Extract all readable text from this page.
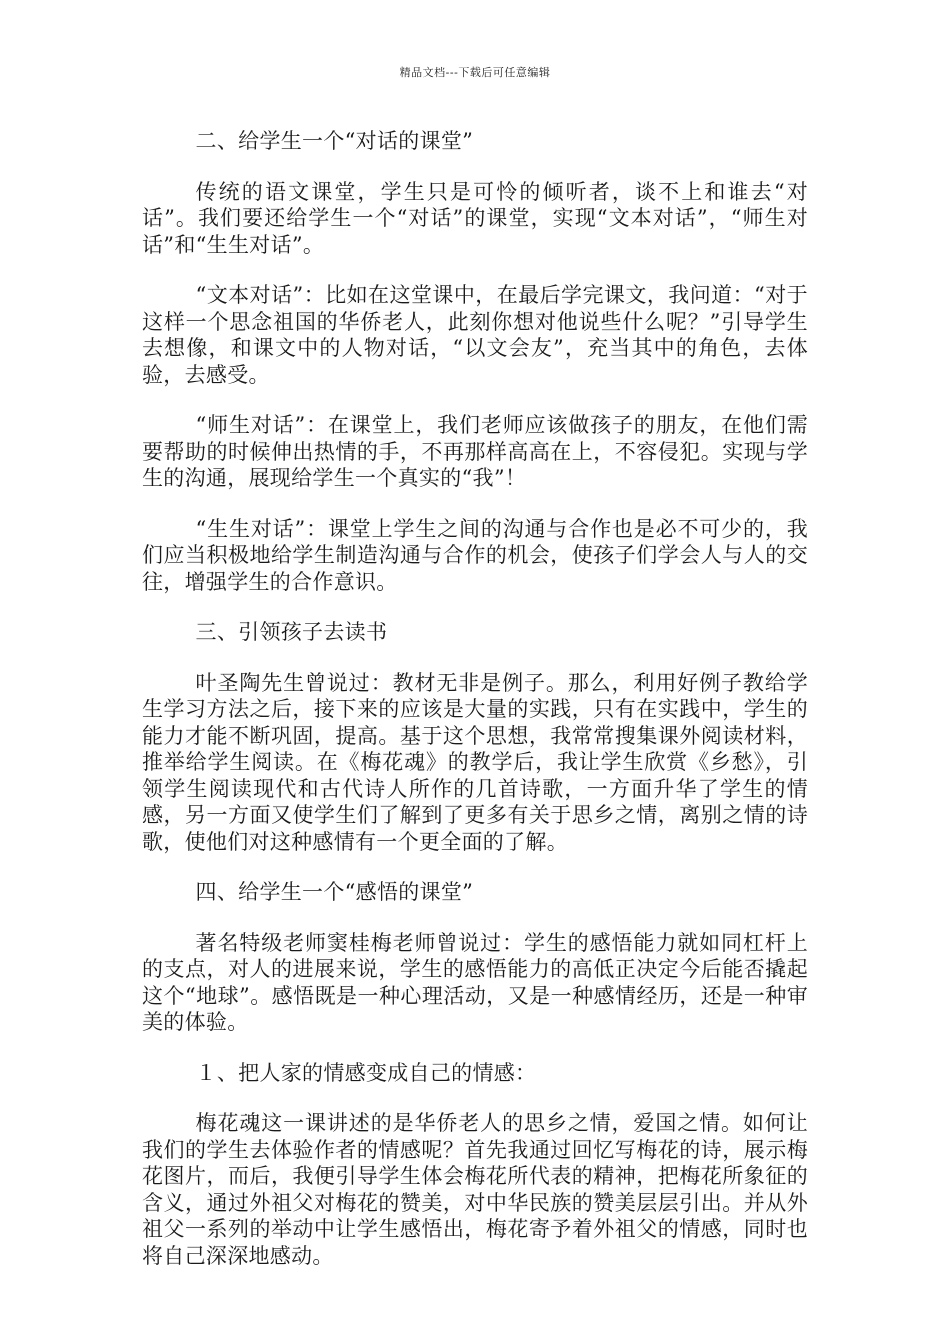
精品文档---下载后可任意编辑

二、给学生一个“对话的课堂”

传统的语文课堂，学生只是可怜的倾听者，谈不上和谁去“对话”。我们要还给学生一个“对话”的课堂，实现“文本对话”，“师生对话”和“生生对话”。

“文本对话”：比如在这堂课中，在最后学完课文，我问道：“对于这样一个思念祖国的华侨老人，此刻你想对他说些什么呢？”引导学生去想像，和课文中的人物对话，“以文会友”，充当其中的角色，去体验，去感受。

“师生对话”：在课堂上，我们老师应该做孩子的朋友，在他们需要帮助的时候伸出热情的手，不再那样高高在上，不容侵犯。实现与学生的沟通，展现给学生一个真实的“我”！

“生生对话”：课堂上学生之间的沟通与合作也是必不可少的，我们应当积极地给学生制造沟通与合作的机会，使孩子们学会人与人的交往，增强学生的合作意识。

三、引领孩子去读书

叶圣陶先生曾说过：教材无非是例子。那么，利用好例子教给学生学习方法之后，接下来的应该是大量的实践，只有在实践中，学生的能力才能不断巩固，提高。基于这个思想，我常常搜集课外阅读材料，推举给学生阅读。在《梅花魂》的教学后，我让学生欣赏《乡愁》，引领学生阅读现代和古代诗人所作的几首诗歌，一方面升华了学生的情感，另一方面又使学生们了解到了更多有关于思乡之情，离别之情的诗歌，使他们对这种感情有一个更全面的了解。

四、给学生一个“感悟的课堂”

著名特级老师窦桂梅老师曾说过：学生的感悟能力就如同杠杆上的支点，对人的进展来说，学生的感悟能力的高低正决定今后能否撬起这个“地球”。感悟既是一种心理活动，又是一种感情经历，还是一种审美的体验。

１、把人家的情感变成自己的情感：

梅花魂这一课讲述的是华侨老人的思乡之情，爱国之情。如何让我们的学生去体验作者的情感呢？首先我通过回忆写梅花的诗，展示梅花图片，而后，我便引导学生体会梅花所代表的精神，把梅花所象征的含义，通过外祖父对梅花的赞美，对中华民族的赞美层层引出。并从外祖父一系列的举动中让学生感悟出，梅花寄予着外祖父的情感，同时也将自己深深地感动。
